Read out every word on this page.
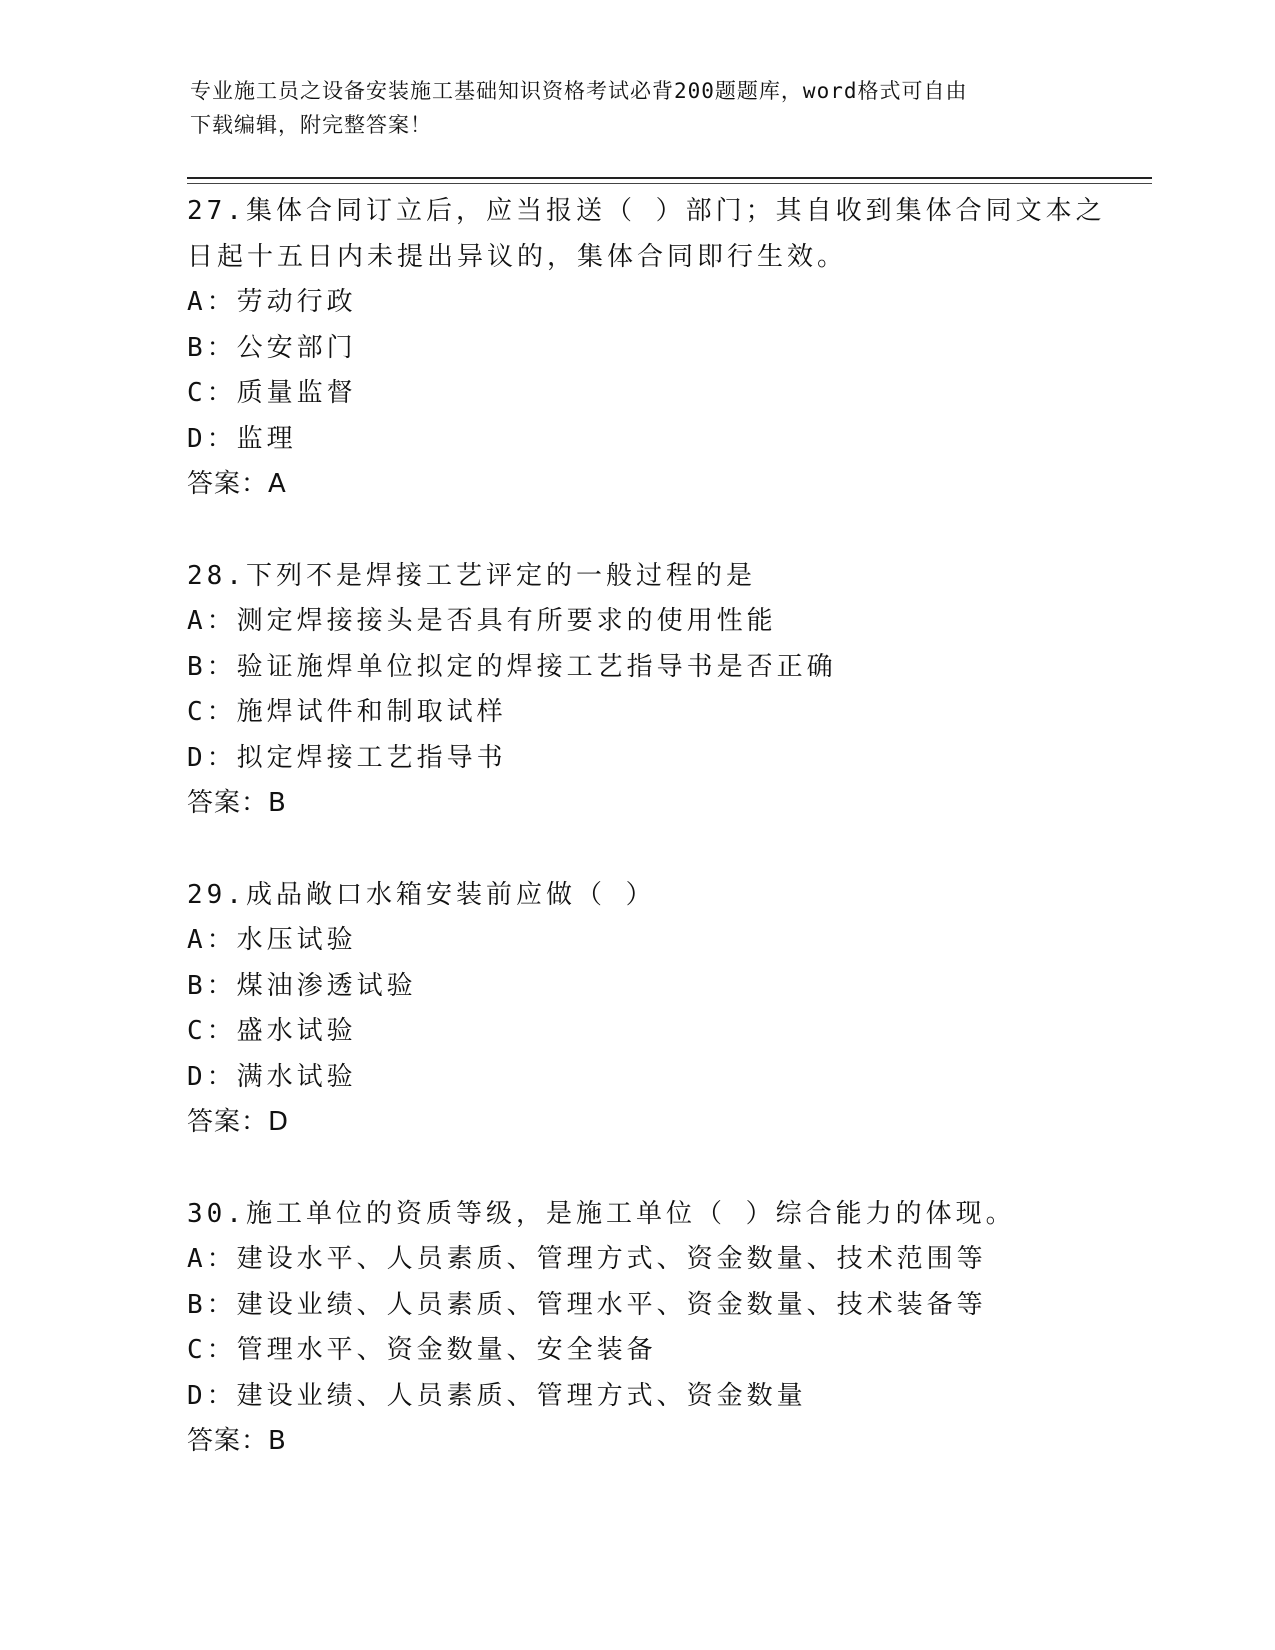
专业施工员之设备安装施工基础知识资格考试必背200题题库，word格式可自由
下载编辑，附完整答案！
27.集体合同订立后，应当报送（ ）部门；其自收到集体合同文本之
日起十五日内未提出异议的，集体合同即行生效。
A：劳动行政
B：公安部门
C：质量监督
D：监理
答案：A
28.下列不是焊接工艺评定的一般过程的是
A：测定焊接接头是否具有所要求的使用性能
B：验证施焊单位拟定的焊接工艺指导书是否正确
C：施焊试件和制取试样
D：拟定焊接工艺指导书
答案：B
29.成品敞口水箱安装前应做（ ）
A：水压试验
B：煤油渗透试验
C：盛水试验
D：满水试验
答案：D
30.施工单位的资质等级，是施工单位（ ）综合能力的体现。
A：建设水平、人员素质、管理方式、资金数量、技术范围等
B：建设业绩、人员素质、管理水平、资金数量、技术装备等
C：管理水平、资金数量、安全装备
D：建设业绩、人员素质、管理方式、资金数量
答案：B
